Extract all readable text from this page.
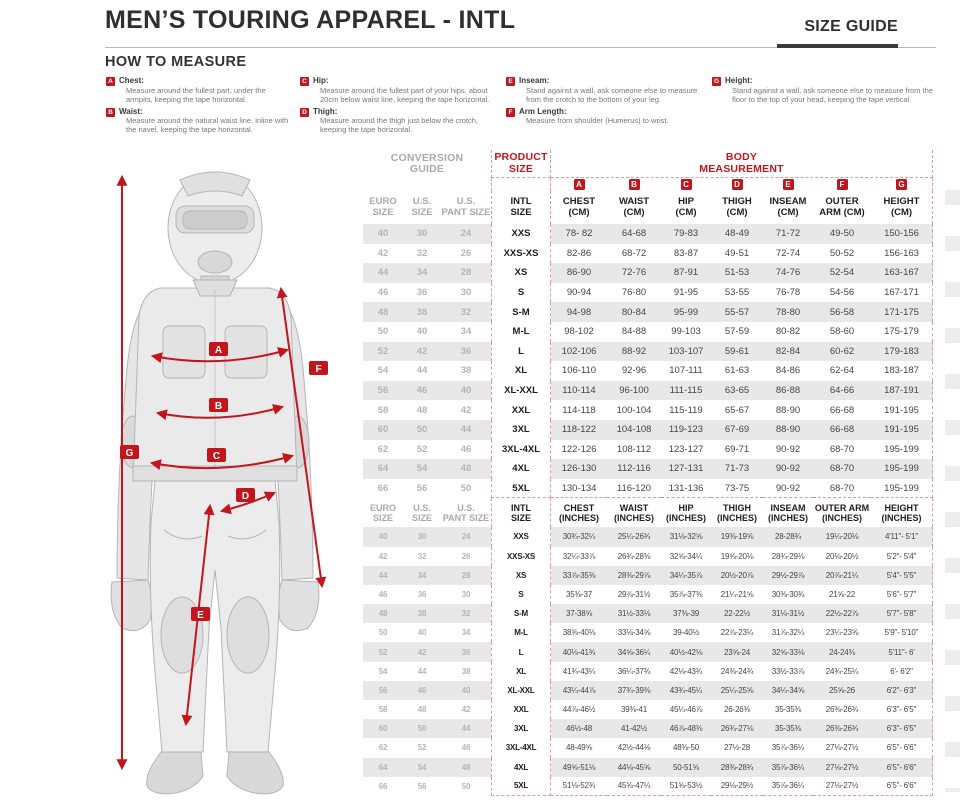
MEN’S TOURING APPAREL - INTL	SIZE GUIDE
HOW TO MEASURE
A Chest:
Measure around the fullest part, under the armpits, keeping the tape horizontal.
B Waist:
Measure around the natural waist line, inline with the navel, keeping the tape horizontal.
C Hip:
Measure around the fullest part of your hips, about 20cm below waist line, keeping the tape horizontal.
D Thigh:
Measure around the thigh just below the crotch, keeping the tape horizontal.
E Inseam:
Stand against a wall, ask someone else to measure from the crotch to the bottom of your leg.
F Arm Length:
Measure from shoulder (Humerus) to wrist.
G Height:
Stand against a wall, ask someone else to measure from the floor to the top of your head, keeping the tape vertical.
A
B
C
D
E
F
G
CONVERSION
GUIDE
PRODUCT
SIZE
BODY
MEASUREMENT
A	B	C	D	E	F	G
EURO
SIZE
U.S.
SIZE
U.S.
PANT SIZE
INTL
SIZE
CHEST
(CM)
WAIST
(CM)
HIP
(CM)
THIGH
(CM)
INSEAM
(CM)
OUTER
ARM (CM)
HEIGHT
(CM)
40	30	24	XXS	78- 82	64-68	79-83	48-49	71-72	49-50	150-156
42	32	26	XXS-XS	82-86	68-72	83-87	49-51	72-74	50-52	156-163
44	34	28	XS	86-90	72-76	87-91	51-53	74-76	52-54	163-167
46	36	30	S	90-94	76-80	91-95	53-55	76-78	54-56	167-171
48	38	32	S-M	94-98	80-84	95-99	55-57	78-80	56-58	171-175
50	40	34	M-L	98-102	84-88	99-103	57-59	80-82	58-60	175-179
52	42	36	L	102-106	88-92	103-107	59-61	82-84	60-62	179-183
54	44	38	XL	106-110	92-96	107-111	61-63	84-86	62-64	183-187
56	46	40	XL-XXL	110-114	96-100	111-115	63-65	86-88	64-66	187-191
58	48	42	XXL	114-118	100-104	115-119	65-67	88-90	66-68	191-195
60	50	44	3XL	118-122	104-108	119-123	67-69	88-90	66-68	191-195
62	52	46	3XL-4XL	122-126	108-112	123-127	69-71	90-92	68-70	195-199
64	54	48	4XL	126-130	112-116	127-131	71-73	90-92	68-70	195-199
66	56	50	5XL	130-134	116-120	131-136	73-75	90-92	68-70	195-199
EURO
SIZE
U.S.
SIZE
U.S.
PANT SIZE
INTL
SIZE
CHEST
(INCHES)
WAIST
(INCHES)
HIP
(INCHES)
THIGH
(INCHES)
INSEAM
(INCHES)
OUTER ARM
(INCHES)
HEIGHT
(INCHES)
40	30	24	XXS	30¾-32¼	25¼-26¾	31⅛-32⅝	19⅜-19⅝	28-28¾	19¼-20⅛	4'11"- 5'1"
42	32	26	XXS-XS	32¼-33⅞	26¾-28⅜	32⅝-34¼	19⅝-20⅛	28¾-29⅛	20⅛-20½	5'2"- 5'4"
44	34	28	XS	33⅞-35⅜	28⅜-29⅞	34¼-35⅞	20½-20⅞	29½-29⅞	20⅞-21¼	5'4"- 5'5"
46	36	30	S	35⅜-37	29⅞-31½	35⅞-37⅜	21¼-21⅝	30⅜-30¾	21⅝-22	5'6"- 5'7"
48	38	32	S-M	37-38⅝	31½-33⅛	37⅜-39	22-22½	31⅛-31½	22½-22⅞	5'7"- 5'8"
50	40	34	M-L	38⅝-40⅛	33⅛-34⅝	39-40½	22⅞-23¼	31⅞-32¼	23¼-23⅝	5'9"- 5'10"
52	42	36	L	40⅛-41¾	34⅝-36¼	40½-42⅛	23⅝-24	32⅝-33⅛	24-24⅜	5'11"- 6'
54	44	38	XL	41¾-43¼	36¼-37¾	42⅛-43¾	24⅜-24¾	33½-33⅞	24¾-25¼	6'- 6'2"
56	46	40	XL-XXL	43¼-44⅞	37¾-39⅜	43¾-45¼	25¼-25⅝	34¼-34⅝	25⅝-26	6'2"- 6'3"
58	48	42	XXL	44⅞-46½	39⅜-41	45¼-46⅞	26-26⅜	35-35⅜	26⅜-26¾	6'3"- 6'5"
60	50	44	3XL	46½-48	41-42½	46⅞-48⅜	26¾-27⅛	35-35⅜	26⅜-26¾	6'3"- 6'5"
62	52	46	3XL-4XL	48-49⅝	42½-44⅛	48⅜-50	27½-28	35⅞-36¼	27⅛-27½	6'5"- 6'6"
64	54	48	4XL	49⅝-51⅛	44⅛-45⅝	50-51⅝	28⅜-28¾	35⅞-36¼	27⅛-27½	6'5"- 6'6"
66	56	50	5XL	51⅛-52¾	45⅝-47¼	51⅝-53½	29⅛-29½	35⅞-36¼	27⅛-27½	6'5"- 6'6"
